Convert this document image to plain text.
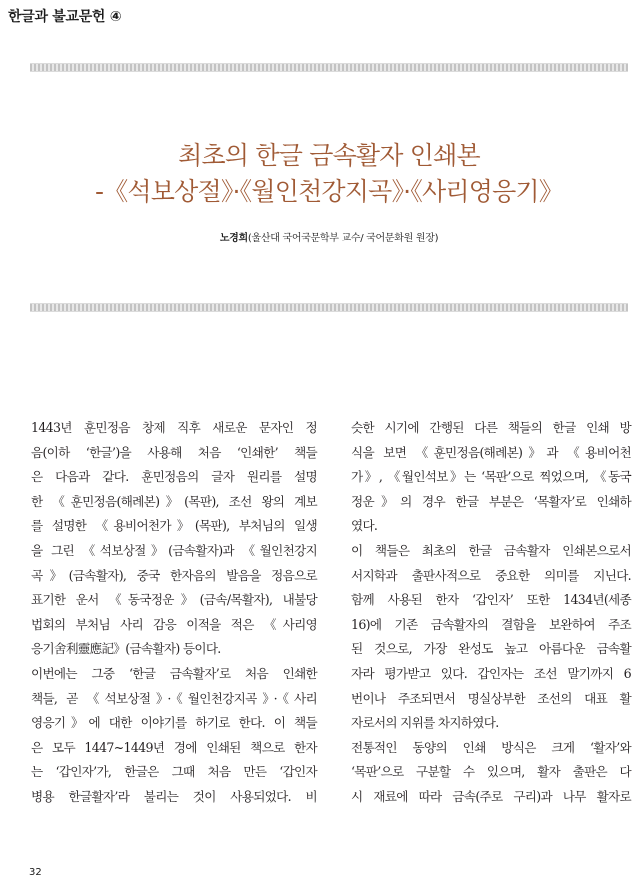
한글과 불교문헌 ④
최초의 한글 금속활자 인쇄본
-《석보상절》·《월인천강지곡》·《사리영응기》
노경희(울산대 국어국문학부 교수/ 국어문화원 원장)
1443년 훈민정음 창제 직후 새로운 문자인 정
음(이하 ‘한글’)을 사용해 처음 ‘인쇄한’ 책들
은 다음과 같다. 훈민정음의 글자 원리를 설명
한 《훈민정음(해례본)》(목판), 조선 왕의 계보
를 설명한 《용비어천가》(목판), 부처님의 일생
을 그린 《석보상절》(금속활자)과 《월인천강지
곡》(금속활자), 중국 한자음의 발음을 정음으로
표기한 운서 《동국정운》(금속/목활자), 내불당
법회의 부처님 사리 감응 이적을 적은 《사리영
응기舍利靈應記》(금속활자) 등이다.
이번에는 그중 ‘한글 금속활자’로 처음 인쇄한
책들, 곧 《석보상절》·《월인천강지곡》·《사리
영응기》에 대한 이야기를 하기로 한다. 이 책들
은 모두 1447~1449년 경에 인쇄된 책으로 한자
는 ‘갑인자’가, 한글은 그때 처음 만든 ‘갑인자
병용 한글활자’라 불리는 것이 사용되었다. 비
슷한 시기에 간행된 다른 책들의 한글 인쇄 방
식을 보면 《훈민정음(해례본)》과 《용비어천
가》, 《월인석보》는 ‘목판’으로 찍었으며, 《동국
정운》의 경우 한글 부분은 ‘목활자’로 인쇄하
였다.
이 책들은 최초의 한글 금속활자 인쇄본으로서
서지학과 출판사적으로 중요한 의미를 지닌다.
함께 사용된 한자 ‘갑인자’ 또한 1434년(세종
16)에 기존 금속활자의 결함을 보완하여 주조
된 것으로, 가장 완성도 높고 아름다운 금속활
자라 평가받고 있다. 갑인자는 조선 말기까지 6
번이나 주조되면서 명실상부한 조선의 대표 활
자로서의 지위를 차지하였다.
전통적인 동양의 인쇄 방식은 크게 ‘활자’와
‘목판’으로 구분할 수 있으며, 활자 출판은 다
시 재료에 따라 금속(주로 구리)과 나무 활자로
32
